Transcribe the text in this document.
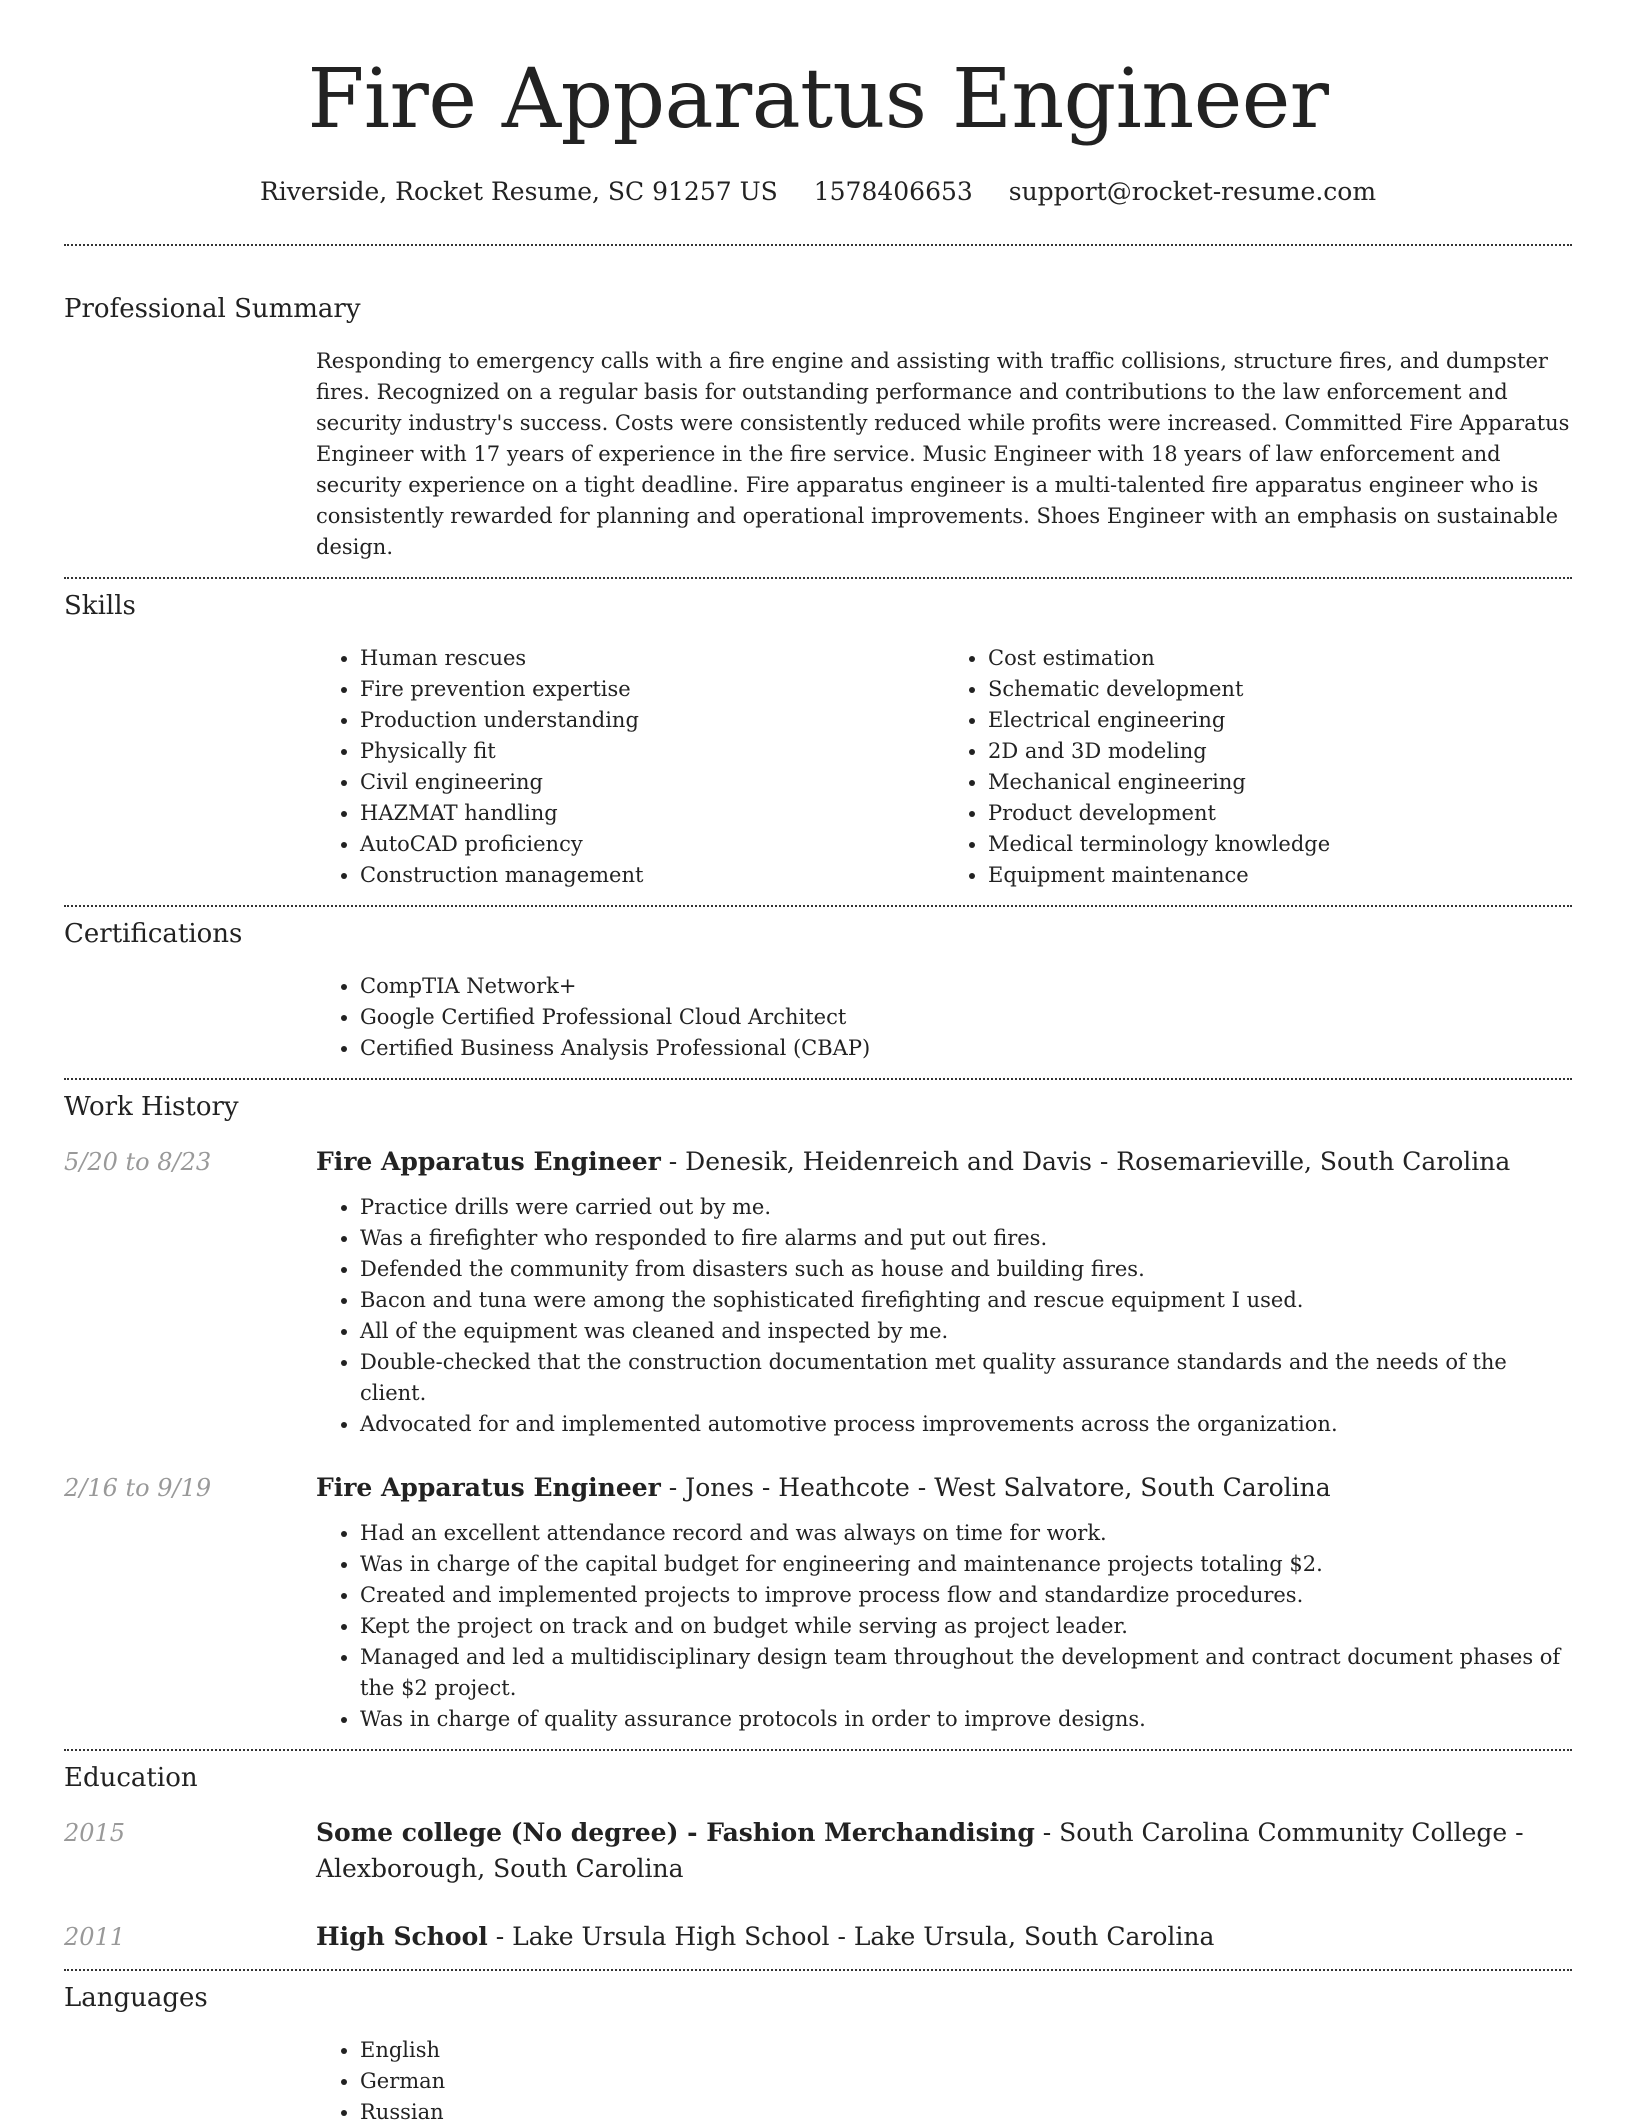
Fire Apparatus Engineer
Riverside, Rocket Resume, SC 91257 US 1578406653 support@rocket-resume.com
Professional Summary

Responding to emergency calls with a fire engine and assisting with traffic collisions, structure fires, and dumpster fires. Recognized on a regular basis for outstanding performance and contributions to the law enforcement and security industry's success. Costs were consistently reduced while profits were increased. Committed Fire Apparatus Engineer with 17 years of experience in the fire service. Music Engineer with 18 years of law enforcement and security experience on a tight deadline. Fire apparatus engineer is a multi-talented fire apparatus engineer who is consistently rewarded for planning and operational improvements. Shoes Engineer with an emphasis on sustainable design.

Skills
• Human rescues
• Fire prevention expertise
• Production understanding
• Physically fit
• Civil engineering
• HAZMAT handling
• AutoCAD proficiency
• Construction management
• Cost estimation
• Schematic development
• Electrical engineering
• 2D and 3D modeling
• Mechanical engineering
• Product development
• Medical terminology knowledge
• Equipment maintenance
Certifications
• CompTIA Network+
• Google Certified Professional Cloud Architect
• Certified Business Analysis Professional (CBAP)
Work History
5/20 to 8/23	Fire Apparatus Engineer - Denesik, Heidenreich and Davis - Rosemarieville, South Carolina
• Practice drills were carried out by me.
• Was a firefighter who responded to fire alarms and put out fires.
• Defended the community from disasters such as house and building fires.
• Bacon and tuna were among the sophisticated firefighting and rescue equipment I used.
• All of the equipment was cleaned and inspected by me.
• Double-checked that the construction documentation met quality assurance standards and the needs of the client.
• Advocated for and implemented automotive process improvements across the organization.
2/16 to 9/19	Fire Apparatus Engineer - Jones - Heathcote - West Salvatore, South Carolina
• Had an excellent attendance record and was always on time for work.
• Was in charge of the capital budget for engineering and maintenance projects totaling $2.
• Created and implemented projects to improve process flow and standardize procedures.
• Kept the project on track and on budget while serving as project leader.
• Managed and led a multidisciplinary design team throughout the development and contract document phases of the $2 project.
• Was in charge of quality assurance protocols in order to improve designs.
Education
2015	Some college (No degree) - Fashion Merchandising - South Carolina Community College - Alexborough, South Carolina
2011	High School - Lake Ursula High School - Lake Ursula, South Carolina
Languages
• English
• German
• Russian
